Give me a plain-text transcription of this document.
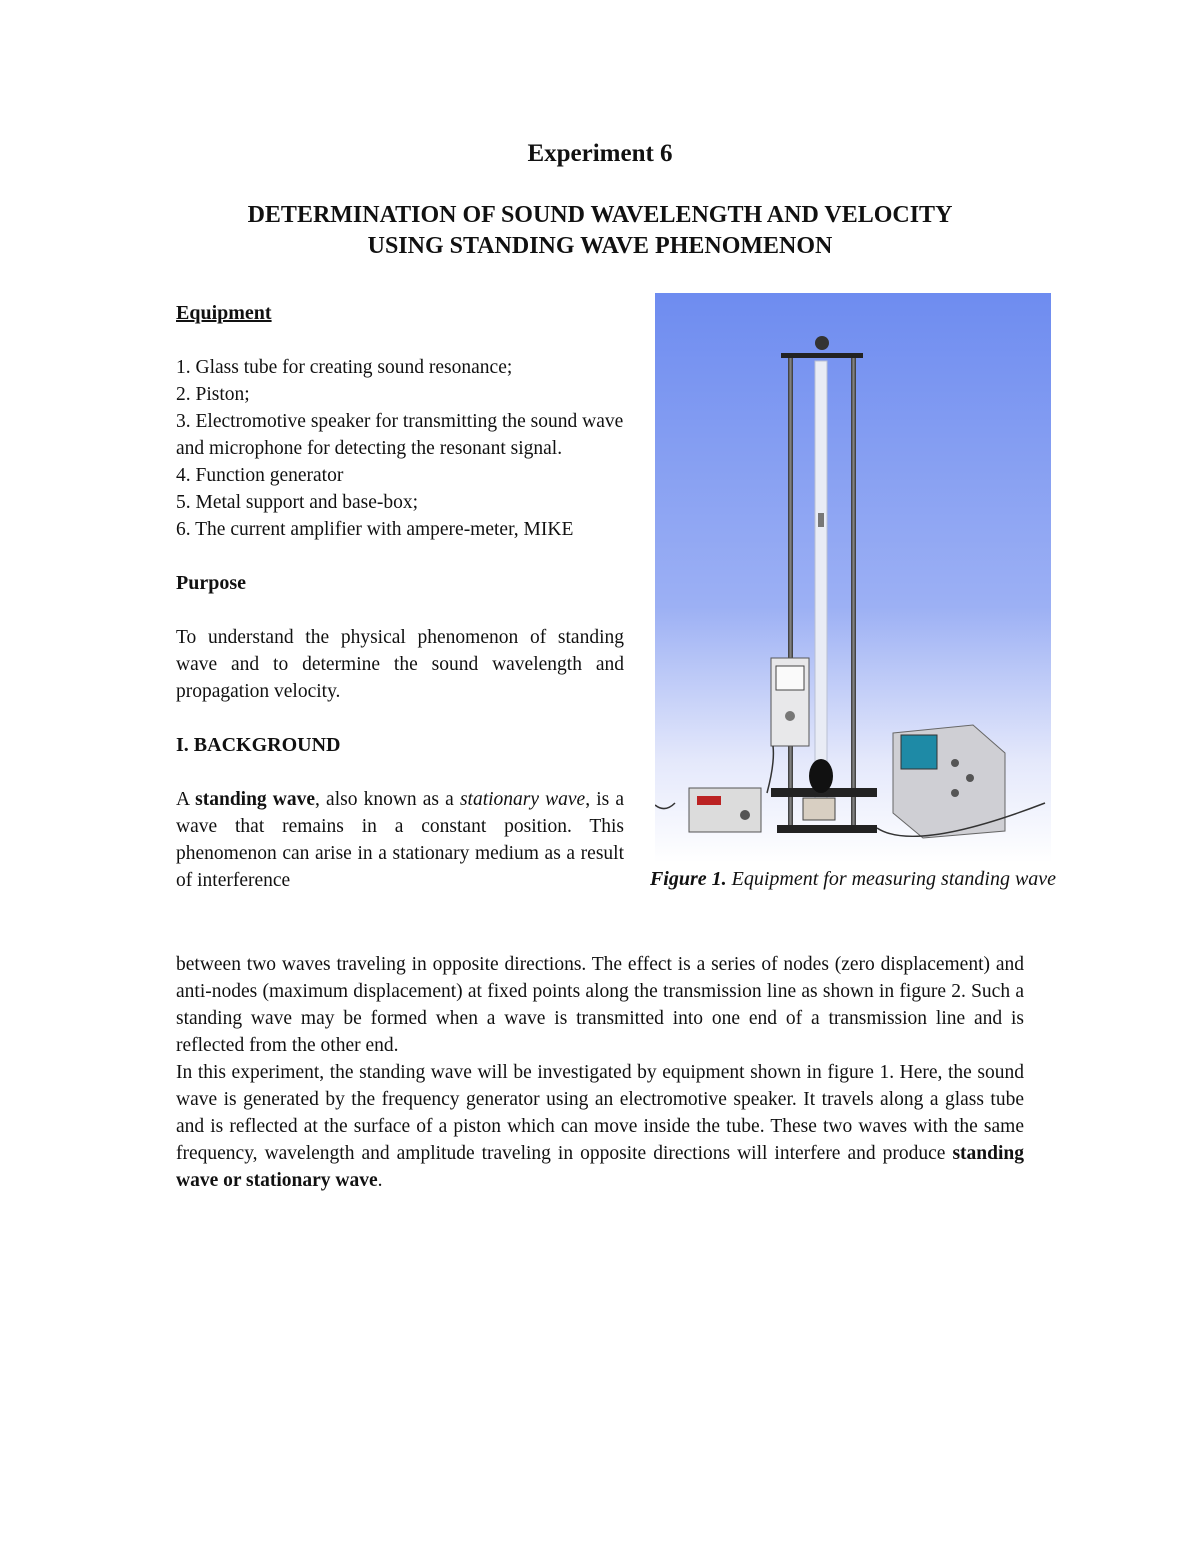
Experiment 6
DETERMINATION OF SOUND WAVELENGTH AND VELOCITY
USING STANDING WAVE PHENOMENON

Equipment

1. Glass tube for creating sound resonance;
2. Piston;
3. Electromotive speaker for transmitting the sound wave and microphone for detecting the resonant signal.
4. Function generator
5. Metal support and base-box;
6. The current amplifier with ampere-meter, MIKE

Purpose

To understand the physical phenomenon of standing wave and to determine the sound wavelength and propagation velocity.

I. BACKGROUND

A standing wave, also known as a stationary wave, is a wave that remains in a constant position. This phenomenon can arise in a stationary medium as a result of interference	Figure 1. Equipment for measuring standing wave

between two waves traveling in opposite directions. The effect is a series of nodes (zero displacement) and anti-nodes (maximum displacement) at fixed points along the transmission line as shown in figure 2. Such a standing wave may be formed when a wave is transmitted into one end of a transmission line and is reflected from the other end.

In this experiment, the standing wave will be investigated by equipment shown in figure 1. Here, the sound wave is generated by the frequency generator using an electromotive speaker. It travels along a glass tube and is reflected at the surface of a piston which can move inside the tube. These two waves with the same frequency, wavelength and amplitude traveling in opposite directions will interfere and produce standing wave or stationary wave.
